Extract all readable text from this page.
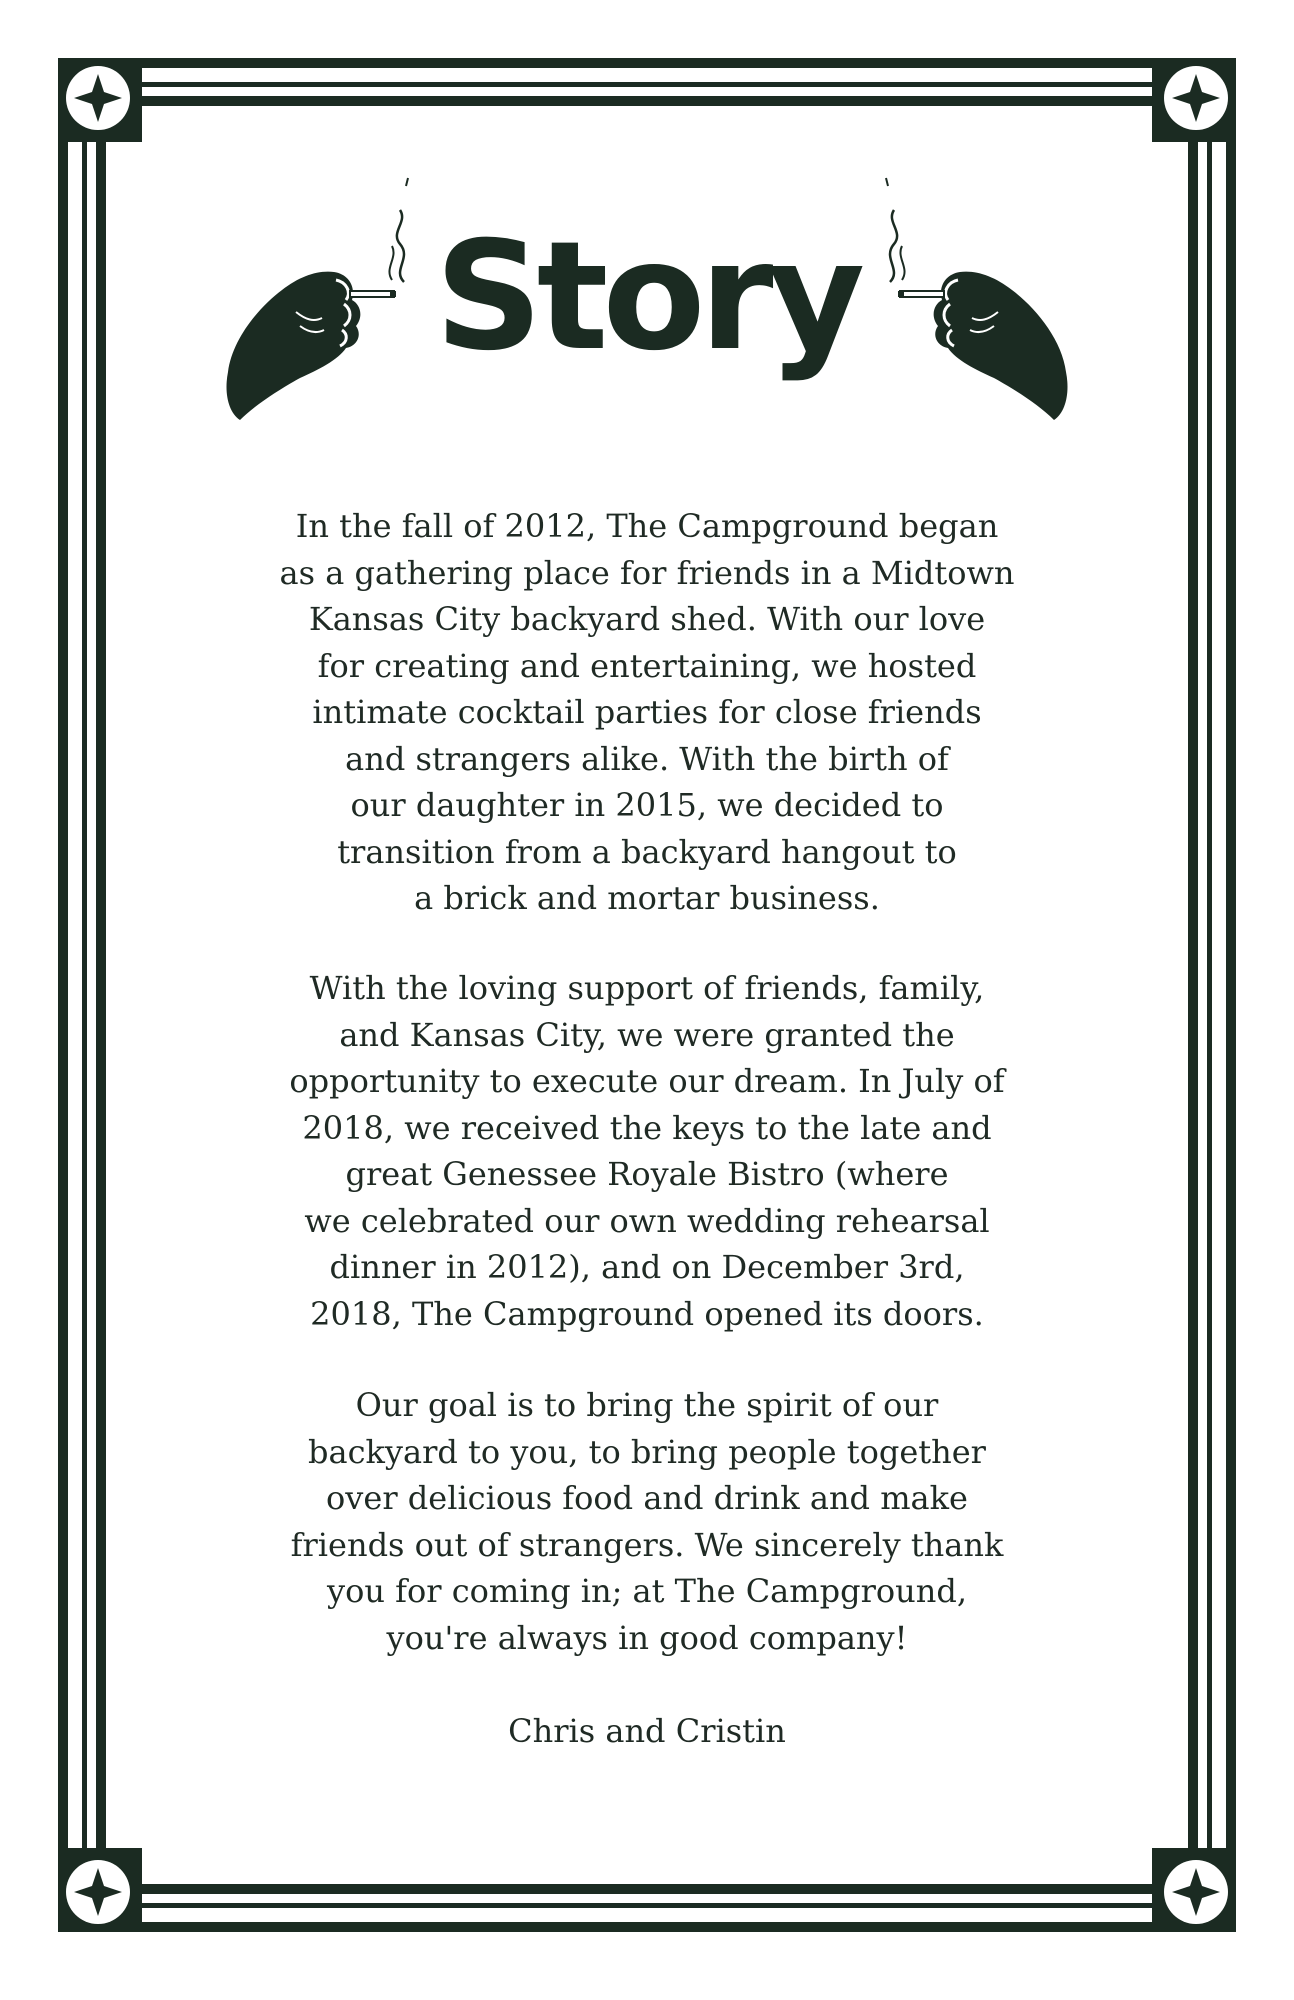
Story
In the fall of 2012, The Campground began
as a gathering place for friends in a Midtown
Kansas City backyard shed. With our love
for creating and entertaining, we hosted
intimate cocktail parties for close friends
and strangers alike. With the birth of
our daughter in 2015, we decided to
transition from a backyard hangout to
a brick and mortar business.
With the loving support of friends, family,
and Kansas City, we were granted the
opportunity to execute our dream. In July of
2018, we received the keys to the late and
great Genessee Royale Bistro (where
we celebrated our own wedding rehearsal
dinner in 2012), and on December 3rd,
2018, The Campground opened its doors.
Our goal is to bring the spirit of our
backyard to you, to bring people together
over delicious food and drink and make
friends out of strangers. We sincerely thank
you for coming in; at The Campground,
you're always in good company!
Chris and Cristin
